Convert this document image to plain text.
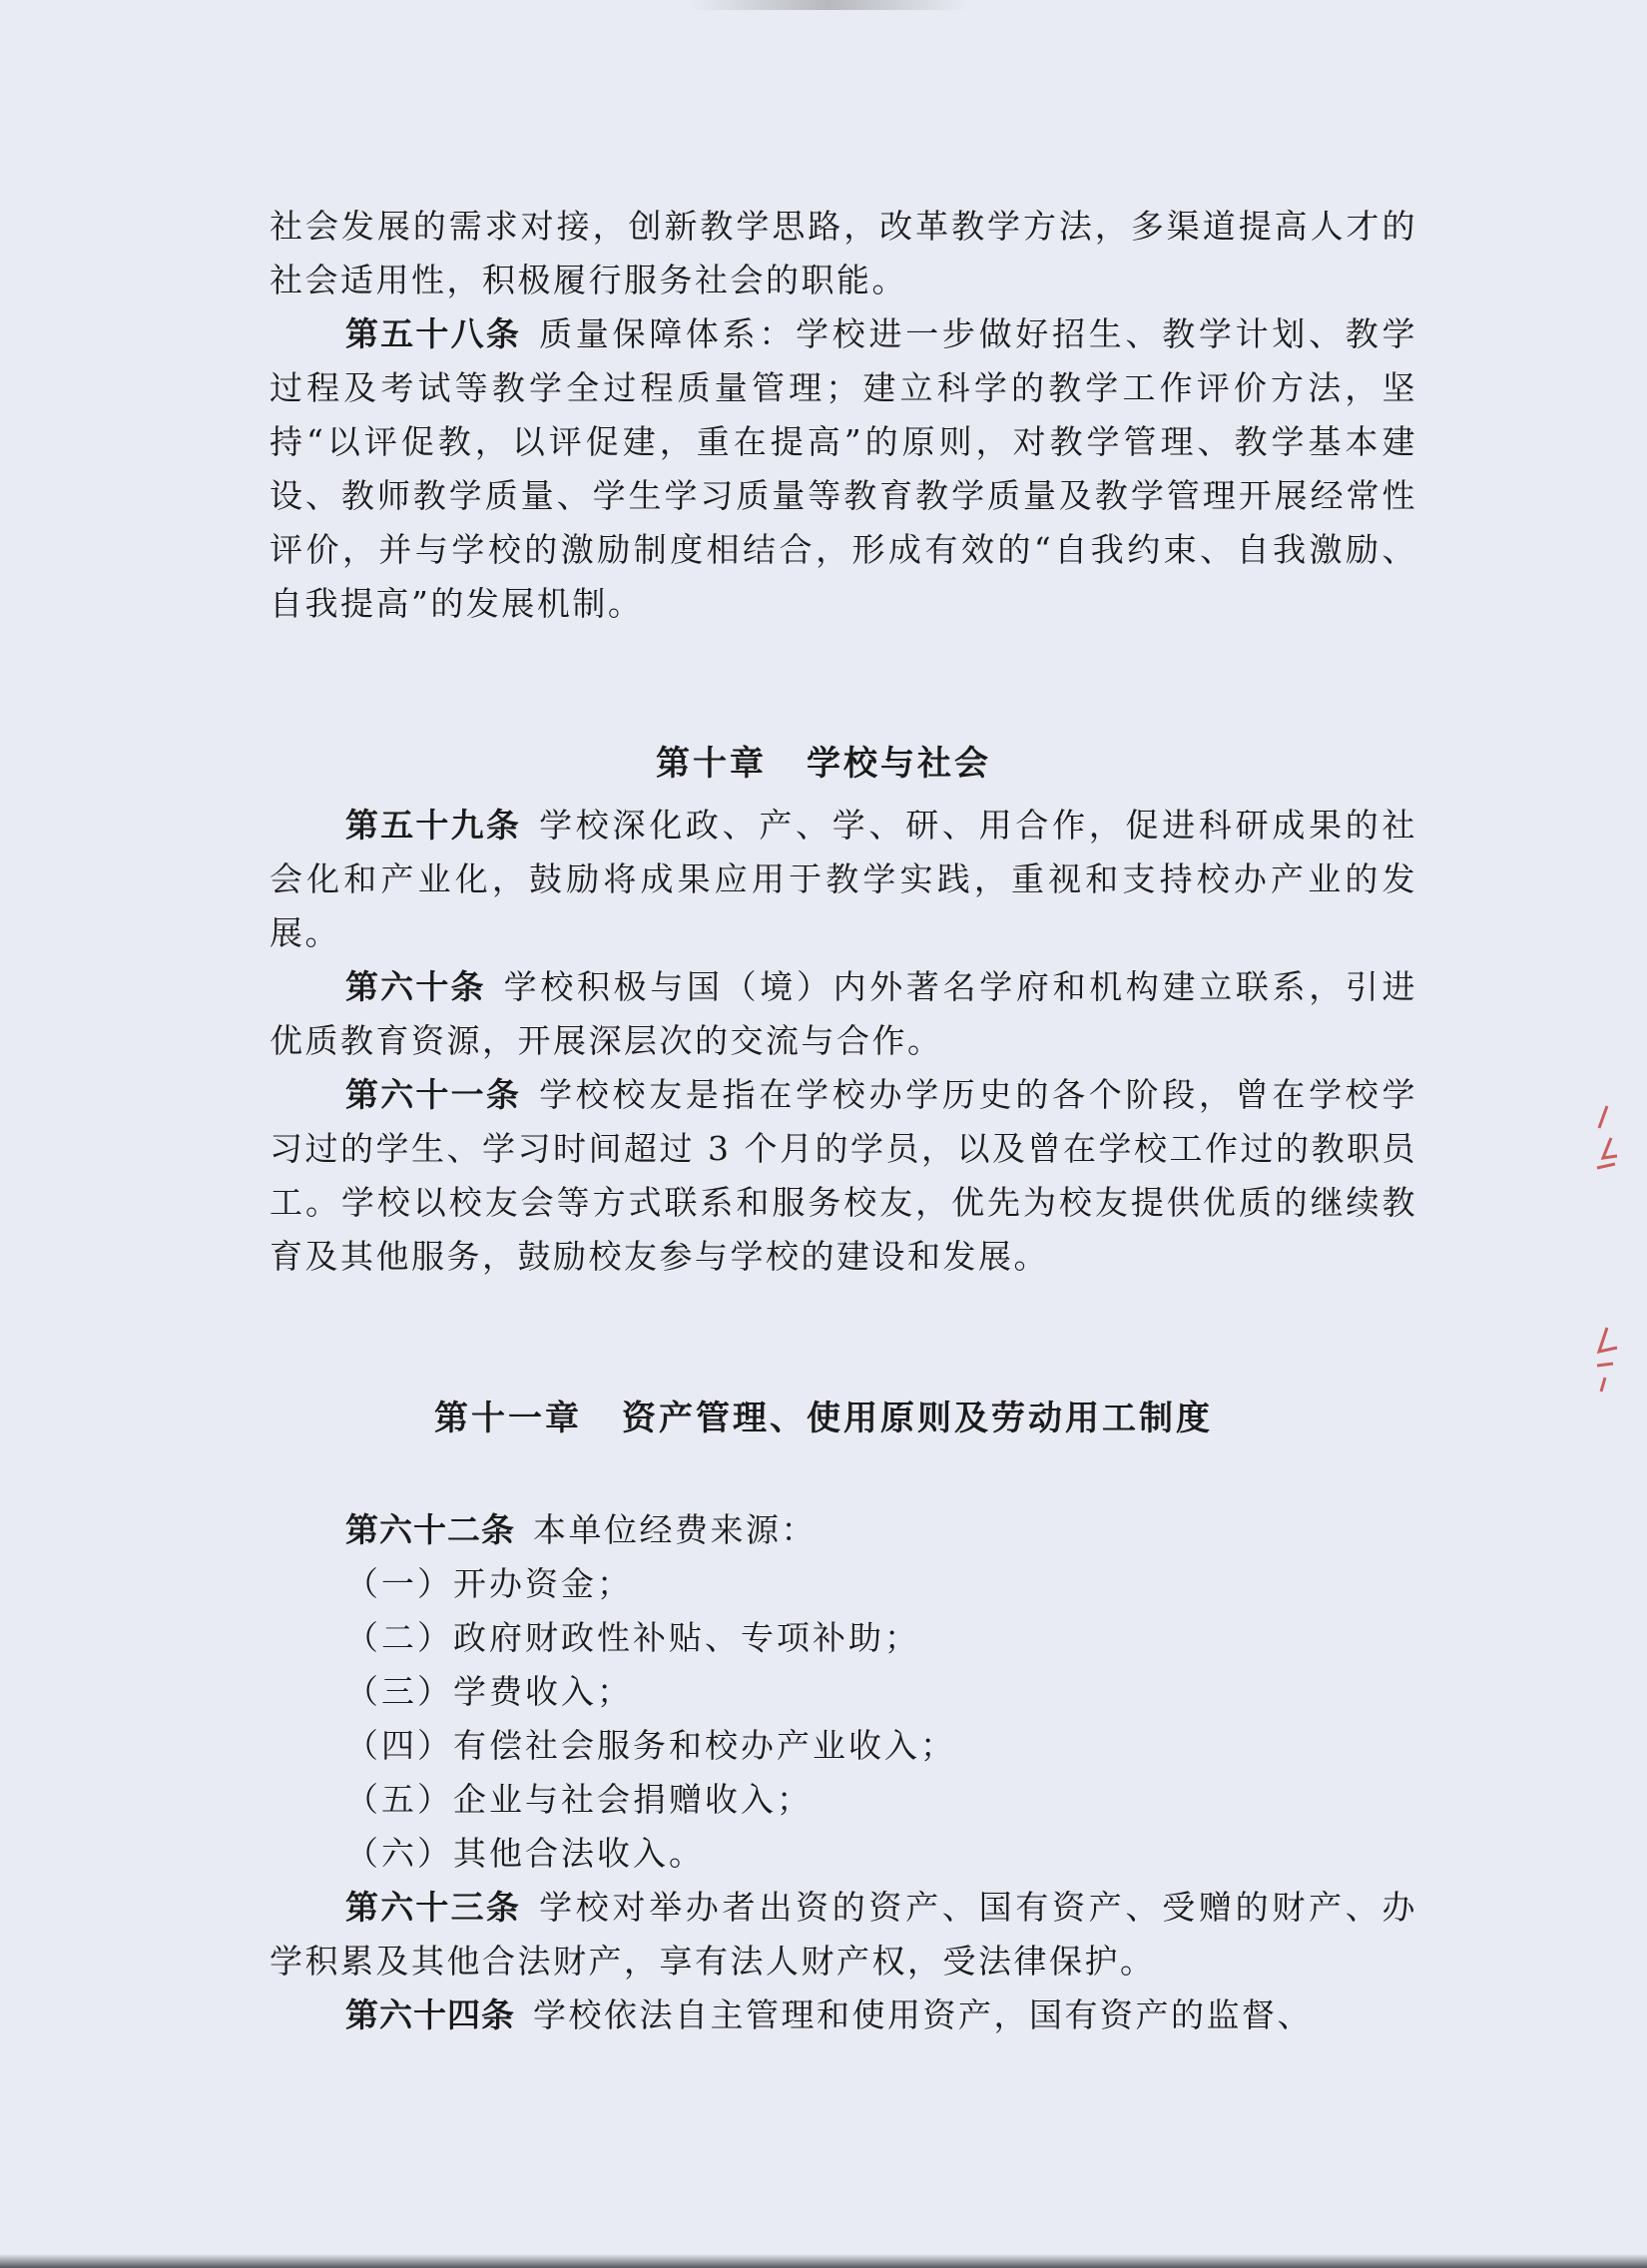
社会发展的需求对接，创新教学思路，改革教学方法，多渠道提高人才的社会适用性，积极履行服务社会的职能。

第五十八条 质量保障体系：学校进一步做好招生、教学计划、教学过程及考试等教学全过程质量管理；建立科学的教学工作评价方法，坚持“以评促教，以评促建，重在提高”的原则，对教学管理、教学基本建设、教师教学质量、学生学习质量等教育教学质量及教学管理开展经常性评价，并与学校的激励制度相结合，形成有效的“自我约束、自我激励、自我提高”的发展机制。

第十章 学校与社会

第五十九条 学校深化政、产、学、研、用合作，促进科研成果的社会化和产业化，鼓励将成果应用于教学实践，重视和支持校办产业的发展。

第六十条 学校积极与国（境）内外著名学府和机构建立联系，引进优质教育资源，开展深层次的交流与合作。

第六十一条 学校校友是指在学校办学历史的各个阶段，曾在学校学习过的学生、学习时间超过 3 个月的学员，以及曾在学校工作过的教职员工。学校以校友会等方式联系和服务校友，优先为校友提供优质的继续教育及其他服务，鼓励校友参与学校的建设和发展。

第十一章 资产管理、使用原则及劳动用工制度

第六十二条 本单位经费来源：

（一）开办资金；

（二）政府财政性补贴、专项补助；

（三）学费收入；

（四）有偿社会服务和校办产业收入；

（五）企业与社会捐赠收入；

（六）其他合法收入。

第六十三条 学校对举办者出资的资产、国有资产、受赠的财产、办学积累及其他合法财产，享有法人财产权，受法律保护。

第六十四条 学校依法自主管理和使用资产，国有资产的监督、
